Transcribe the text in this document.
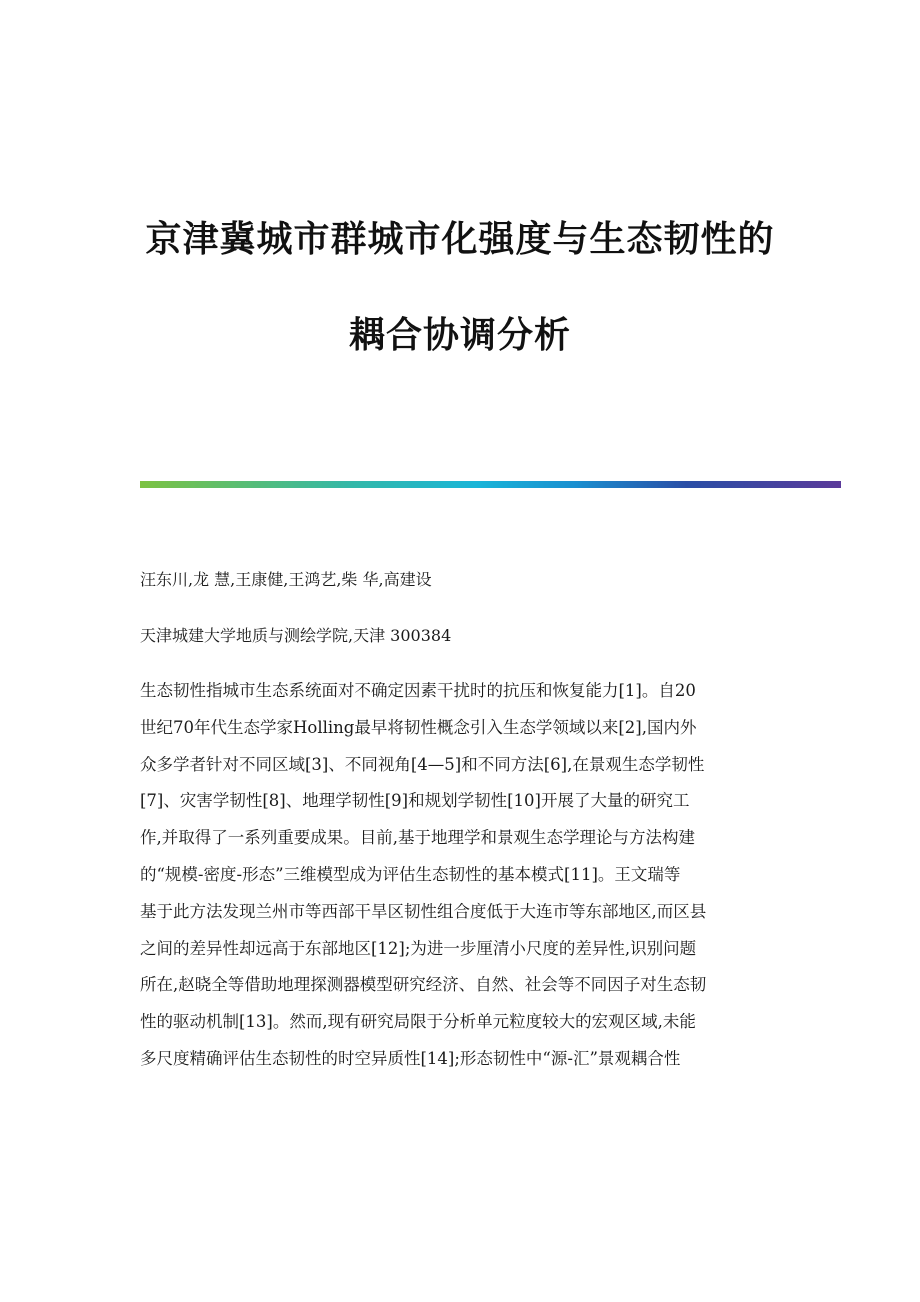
京津冀城市群城市化强度与生态韧性的
耦合协调分析
汪东川,龙 慧,王康健,王鸿艺,柴 华,高建设
天津城建大学地质与测绘学院,天津 300384
生态韧性指城市生态系统面对不确定因素干扰时的抗压和恢复能力[1]。自20
世纪70年代生态学家Holling最早将韧性概念引入生态学领域以来[2],国内外
众多学者针对不同区域[3]、不同视角[4—5]和不同方法[6],在景观生态学韧性
[7]、灾害学韧性[8]、地理学韧性[9]和规划学韧性[10]开展了大量的研究工
作,并取得了一系列重要成果。目前,基于地理学和景观生态学理论与方法构建
的“规模-密度-形态”三维模型成为评估生态韧性的基本模式[11]。王文瑞等
基于此方法发现兰州市等西部干旱区韧性组合度低于大连市等东部地区,而区县
之间的差异性却远高于东部地区[12];为进一步厘清小尺度的差异性,识别问题
所在,赵晓全等借助地理探测器模型研究经济、自然、社会等不同因子对生态韧
性的驱动机制[13]。然而,现有研究局限于分析单元粒度较大的宏观区域,未能
多尺度精确评估生态韧性的时空异质性[14];形态韧性中“源-汇”景观耦合性
